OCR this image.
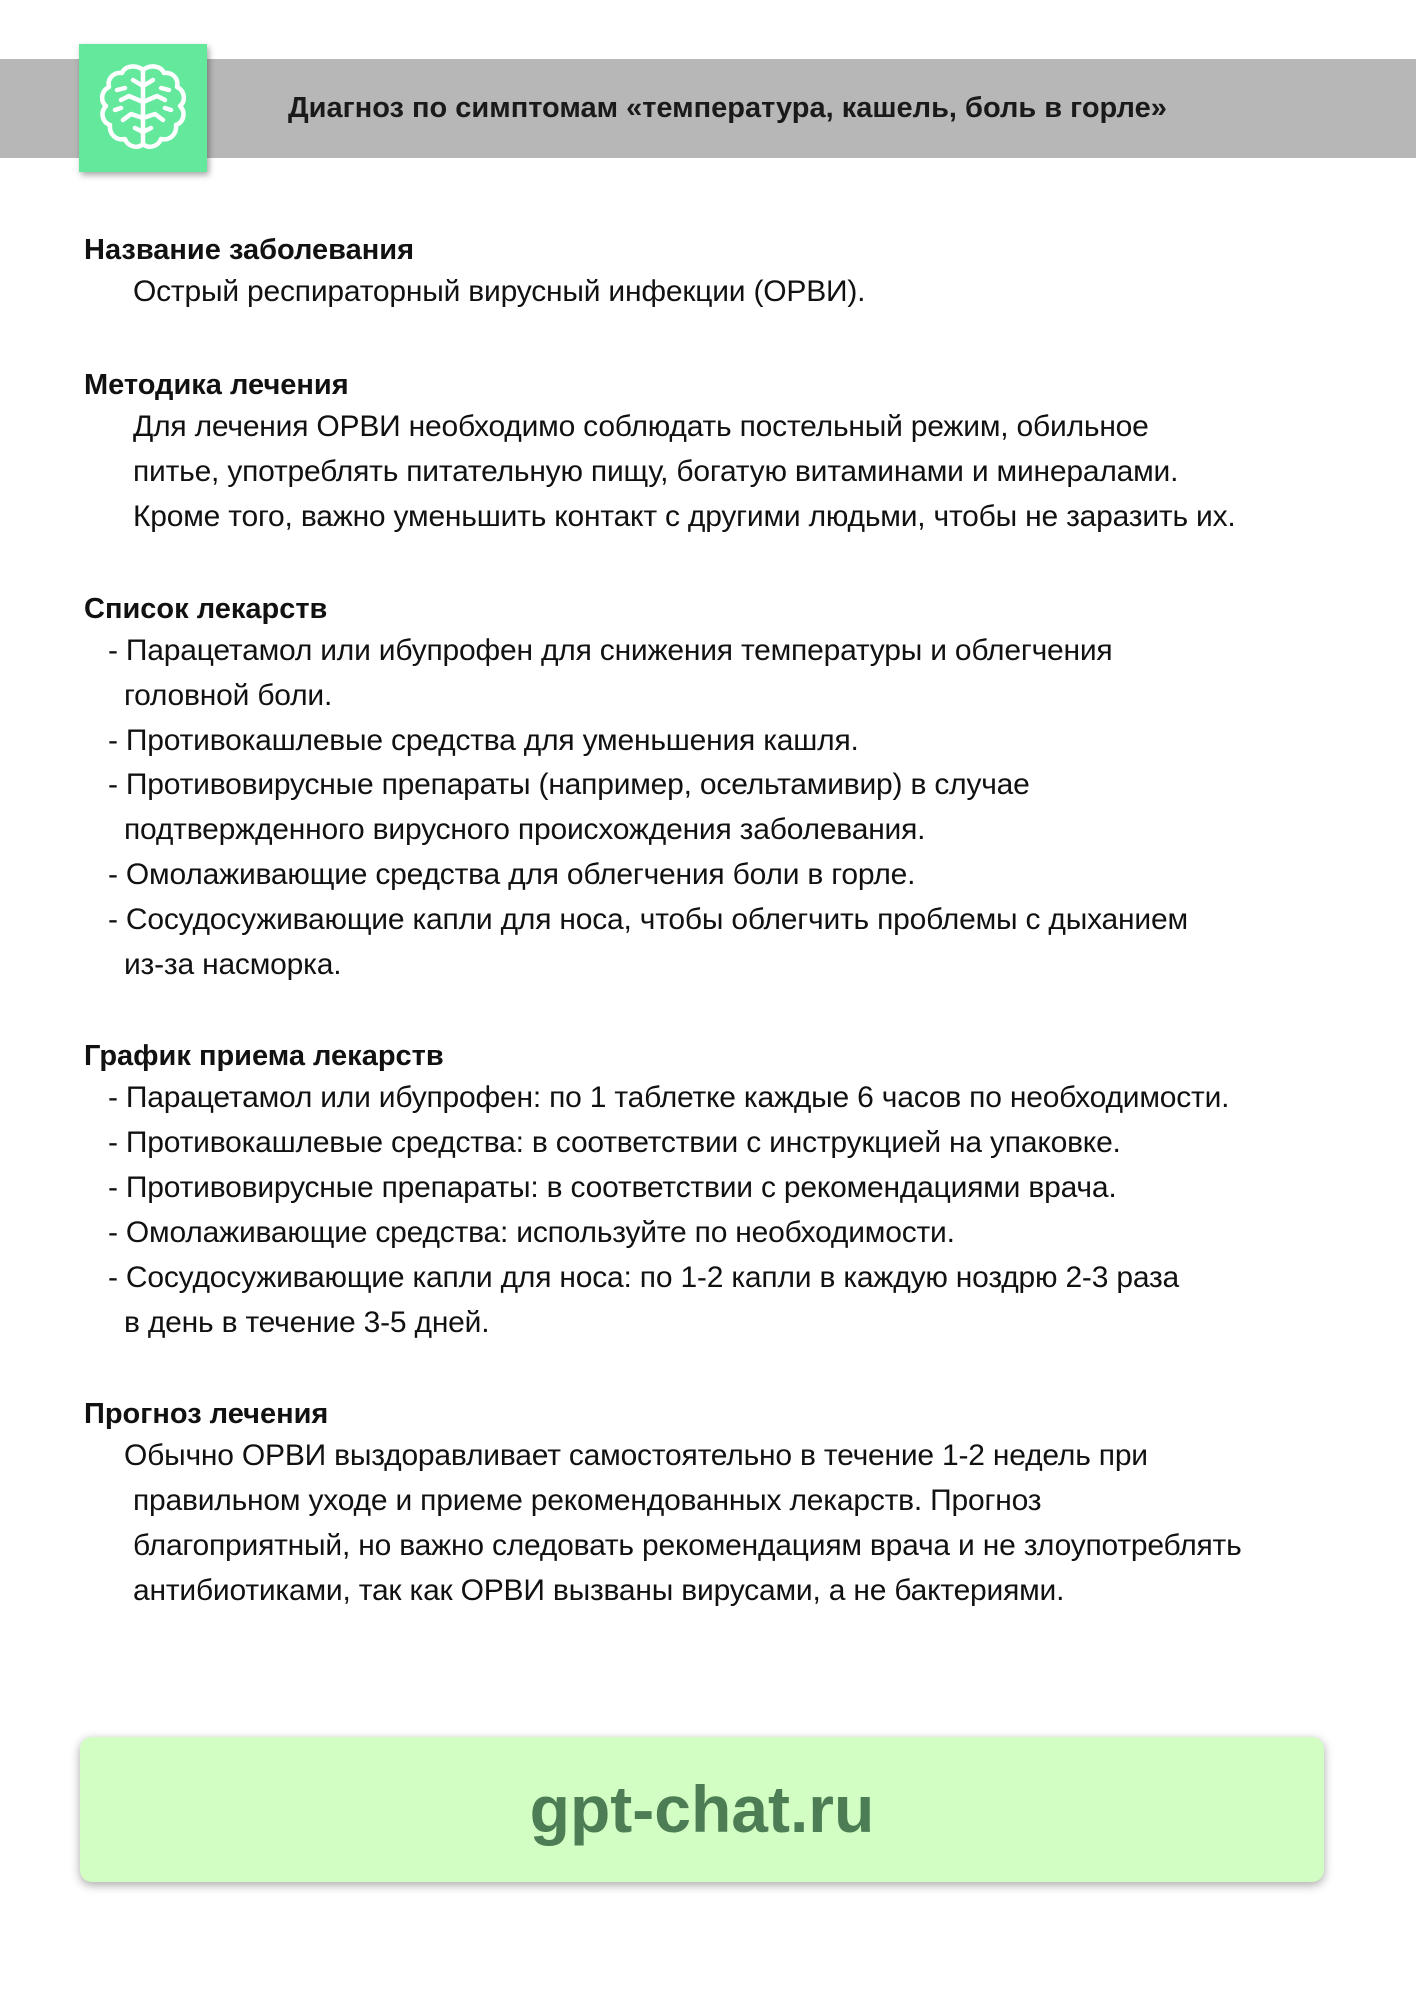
Диагноз по симптомам «температура, кашель, боль в горле»
Название заболевания
Острый респираторный вирусный инфекции (ОРВИ).
Методика лечения
Для лечения ОРВИ необходимо соблюдать постельный режим, обильное
питье, употреблять питательную пищу, богатую витаминами и минералами.
Кроме того, важно уменьшить контакт с другими людьми, чтобы не заразить их.
Список лекарств
- Парацетамол или ибупрофен для снижения температуры и облегчения
головной боли.
- Противокашлевые средства для уменьшения кашля.
- Противовирусные препараты (например, осельтамивир) в случае
подтвержденного вирусного происхождения заболевания.
- Омолаживающие средства для облегчения боли в горле.
- Сосудосуживающие капли для носа, чтобы облегчить проблемы с дыханием
из-за насморка.
График приема лекарств
- Парацетамол или ибупрофен: по 1 таблетке каждые 6 часов по необходимости.
- Противокашлевые средства: в соответствии с инструкцией на упаковке.
- Противовирусные препараты: в соответствии с рекомендациями врача.
- Омолаживающие средства: используйте по необходимости.
- Сосудосуживающие капли для носа: по 1-2 капли в каждую ноздрю 2-3 раза
в день в течение 3-5 дней.
Прогноз лечения
Обычно ОРВИ выздоравливает самостоятельно в течение 1-2 недель при
правильном уходе и приеме рекомендованных лекарств. Прогноз
благоприятный, но важно следовать рекомендациям врача и не злоупотреблять
антибиотиками, так как ОРВИ вызваны вирусами, а не бактериями.
gpt-chat.ru
